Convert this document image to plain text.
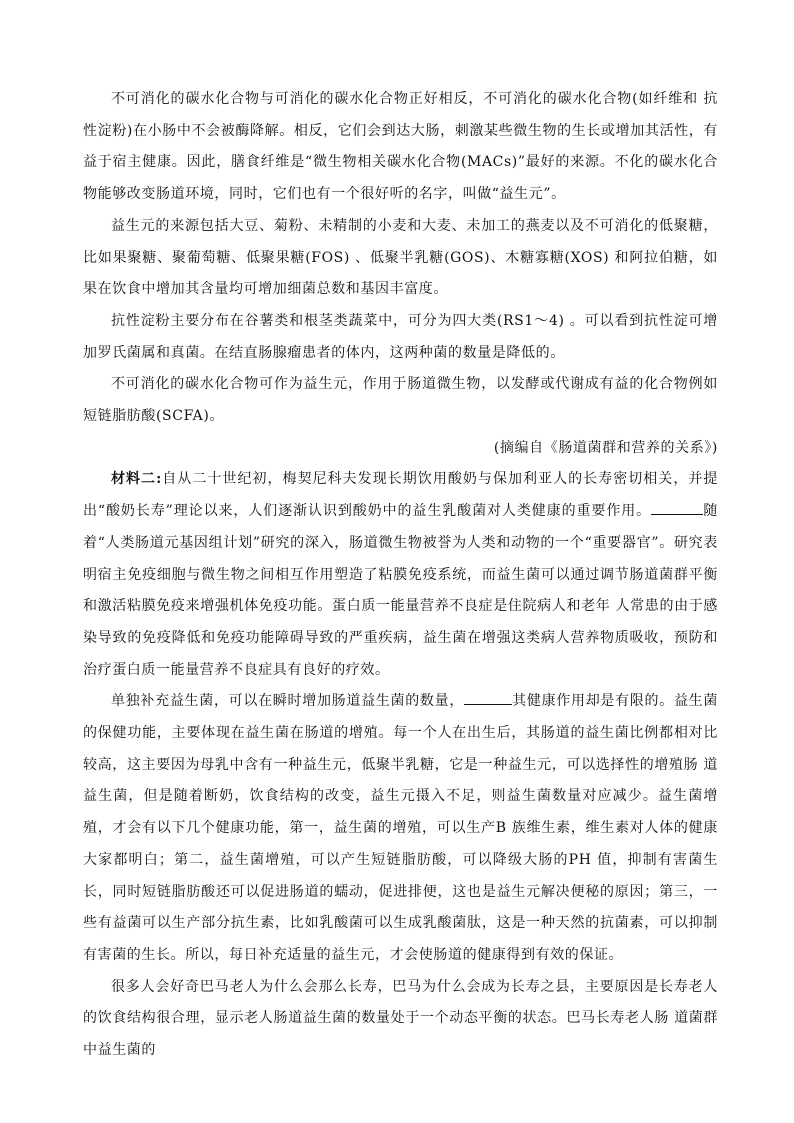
不可消化的碳水化合物与可消化的碳水化合物正好相反，不可消化的碳水化合物(如纤维和 抗性淀粉)在小肠中不会被酶降解。相反，它们会到达大肠，刺激某些微生物的生长或增加其活性，有益于宿主健康。因此，膳食纤维是“微生物相关碳水化合物(MACs)”最好的来源。不化的碳水化合物能够改变肠道环境，同时，它们也有一个很好听的名字，叫做“益生元”。

益生元的来源包括大豆、菊粉、未精制的小麦和大麦、未加工的燕麦以及不可消化的低聚糖， 比如果聚糖、聚葡萄糖、低聚果糖(FOS) 、低聚半乳糖(GOS)、木糖寡糖(XOS) 和阿拉伯糖，如果在饮食中增加其含量均可增加细菌总数和基因丰富度。

抗性淀粉主要分布在谷薯类和根茎类蔬菜中，可分为四大类(RS1～4) 。可以看到抗性淀可增加罗氏菌属和真菌。在结直肠腺瘤患者的体内，这两种菌的数量是降低的。

不可消化的碳水化合物可作为益生元，作用于肠道微生物，以发酵或代谢成有益的化合物例如短链脂肪酸(SCFA)。

(摘编自《肠道菌群和营养的关系》)

材料二:自从二十世纪初，梅契尼科夫发现长期饮用酸奶与保加利亚人的长寿密切相关，并提出“酸奶长寿”理论以来，人们逐渐认识到酸奶中的益生乳酸菌对人类健康的重要作用。	随着“人类肠道元基因组计划”研究的深入，肠道微生物被誉为人类和动物的一个“重要器官”。研究表明宿主免疫细胞与微生物之间相互作用塑造了粘膜免疫系统，而益生菌可以通过调节肠道菌群平衡和激活粘膜免疫来增强机体免疫功能。蛋白质一能量营养不良症是住院病人和老年 人常患的由于感染导致的免疫降低和免疫功能障碍导致的严重疾病，益生菌在增强这类病人营养物质吸收，预防和治疗蛋白质一能量营养不良症具有良好的疗效。

单独补充益生菌，可以在瞬时增加肠道益生菌的数量，	其健康作用却是有限的。益生菌的保健功能，主要体现在益生菌在肠道的增殖。每一个人在出生后，其肠道的益生菌比例都相对比较高，这主要因为母乳中含有一种益生元，低聚半乳糖，它是一种益生元，可以选择性的增殖肠 道益生菌，但是随着断奶，饮食结构的改变，益生元摄入不足，则益生菌数量对应减少。益生菌增殖，才会有以下几个健康功能，第一，益生菌的增殖，可以生产B 族维生素，维生素对人体的健康大家都明白；第二，益生菌增殖，可以产生短链脂肪酸，可以降级大肠的PH 值，抑制有害菌生长，同时短链脂肪酸还可以促进肠道的蠕动，促进排便，这也是益生元解决便秘的原因；第三，一些有益菌可以生产部分抗生素，比如乳酸菌可以生成乳酸菌肽，这是一种天然的抗菌素，可以抑制有害菌的生长。所以，每日补充适量的益生元，才会使肠道的健康得到有效的保证。

很多人会好奇巴马老人为什么会那么长寿，巴马为什么会成为长寿之县，主要原因是长寿老人的饮食结构很合理，显示老人肠道益生菌的数量处于一个动态平衡的状态。巴马长寿老人肠 道菌群中益生菌的
